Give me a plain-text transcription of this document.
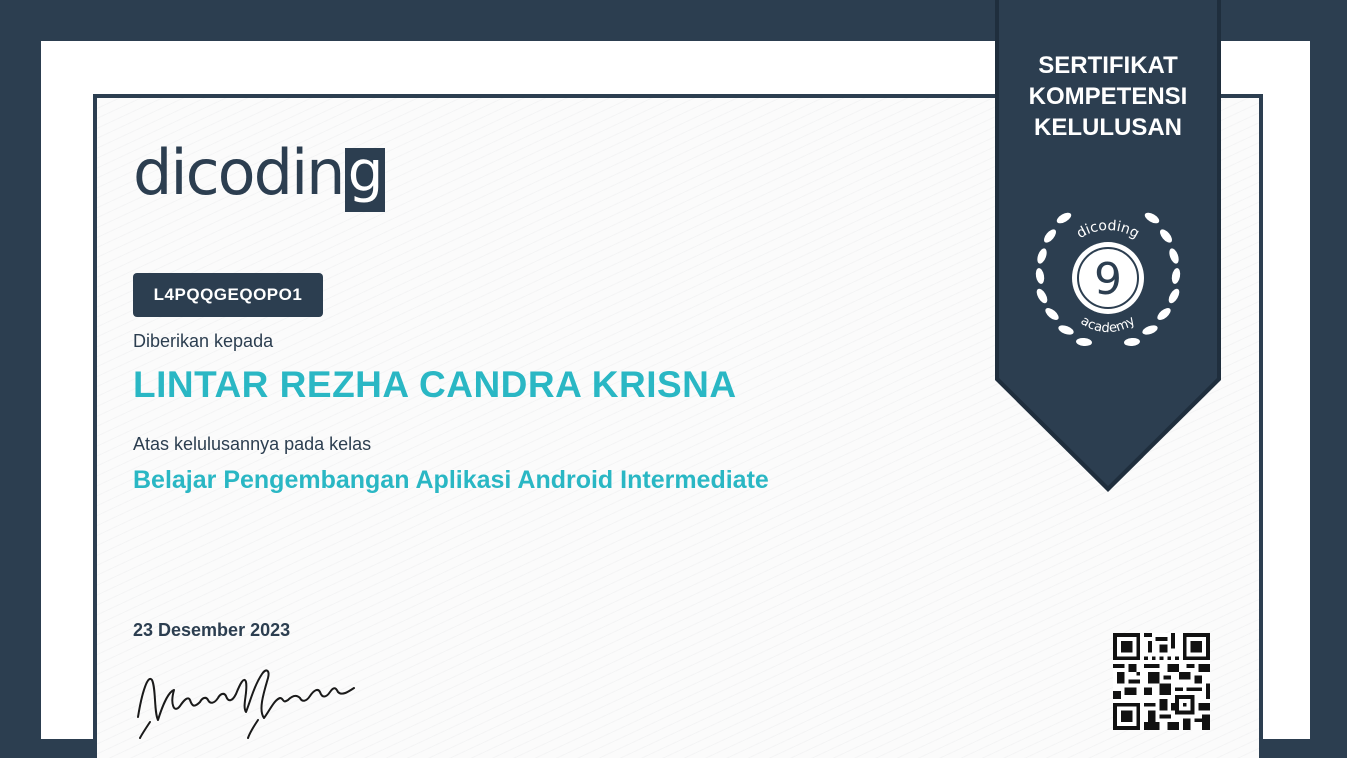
dicodin g
L4PQQGEQOPO1
Diberikan kepada
LINTAR REZHA CANDRA KRISNA
Atas kelulusannya pada kelas
Belajar Pengembangan Aplikasi Android Intermediate
23 Desember 2023
SERTIFIKAT
KOMPETENSI
KELULUSAN
9
dicoding
academy
